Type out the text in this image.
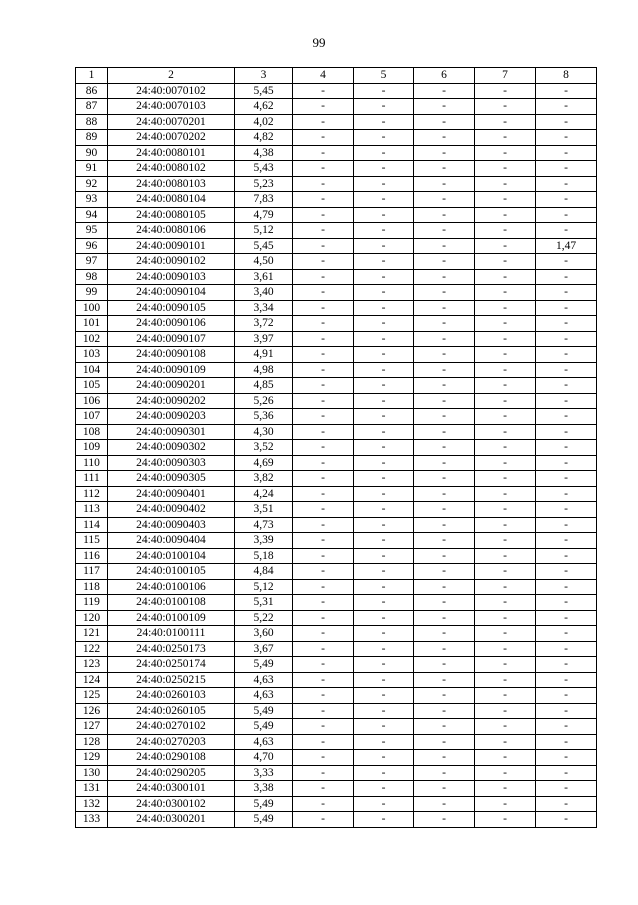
99
1	2	3	4	5	6	7	8
86	24:40:0070102	5,45	-	-	-	-	-
87	24:40:0070103	4,62	-	-	-	-	-
88	24:40:0070201	4,02	-	-	-	-	-
89	24:40:0070202	4,82	-	-	-	-	-
90	24:40:0080101	4,38	-	-	-	-	-
91	24:40:0080102	5,43	-	-	-	-	-
92	24:40:0080103	5,23	-	-	-	-	-
93	24:40:0080104	7,83	-	-	-	-	-
94	24:40:0080105	4,79	-	-	-	-	-
95	24:40:0080106	5,12	-	-	-	-	-
96	24:40:0090101	5,45	-	-	-	-	1,47
97	24:40:0090102	4,50	-	-	-	-	-
98	24:40:0090103	3,61	-	-	-	-	-
99	24:40:0090104	3,40	-	-	-	-	-
100	24:40:0090105	3,34	-	-	-	-	-
101	24:40:0090106	3,72	-	-	-	-	-
102	24:40:0090107	3,97	-	-	-	-	-
103	24:40:0090108	4,91	-	-	-	-	-
104	24:40:0090109	4,98	-	-	-	-	-
105	24:40:0090201	4,85	-	-	-	-	-
106	24:40:0090202	5,26	-	-	-	-	-
107	24:40:0090203	5,36	-	-	-	-	-
108	24:40:0090301	4,30	-	-	-	-	-
109	24:40:0090302	3,52	-	-	-	-	-
110	24:40:0090303	4,69	-	-	-	-	-
111	24:40:0090305	3,82	-	-	-	-	-
112	24:40:0090401	4,24	-	-	-	-	-
113	24:40:0090402	3,51	-	-	-	-	-
114	24:40:0090403	4,73	-	-	-	-	-
115	24:40:0090404	3,39	-	-	-	-	-
116	24:40:0100104	5,18	-	-	-	-	-
117	24:40:0100105	4,84	-	-	-	-	-
118	24:40:0100106	5,12	-	-	-	-	-
119	24:40:0100108	5,31	-	-	-	-	-
120	24:40:0100109	5,22	-	-	-	-	-
121	24:40:0100111	3,60	-	-	-	-	-
122	24:40:0250173	3,67	-	-	-	-	-
123	24:40:0250174	5,49	-	-	-	-	-
124	24:40:0250215	4,63	-	-	-	-	-
125	24:40:0260103	4,63	-	-	-	-	-
126	24:40:0260105	5,49	-	-	-	-	-
127	24:40:0270102	5,49	-	-	-	-	-
128	24:40:0270203	4,63	-	-	-	-	-
129	24:40:0290108	4,70	-	-	-	-	-
130	24:40:0290205	3,33	-	-	-	-	-
131	24:40:0300101	3,38	-	-	-	-	-
132	24:40:0300102	5,49	-	-	-	-	-
133	24:40:0300201	5,49	-	-	-	-	-
